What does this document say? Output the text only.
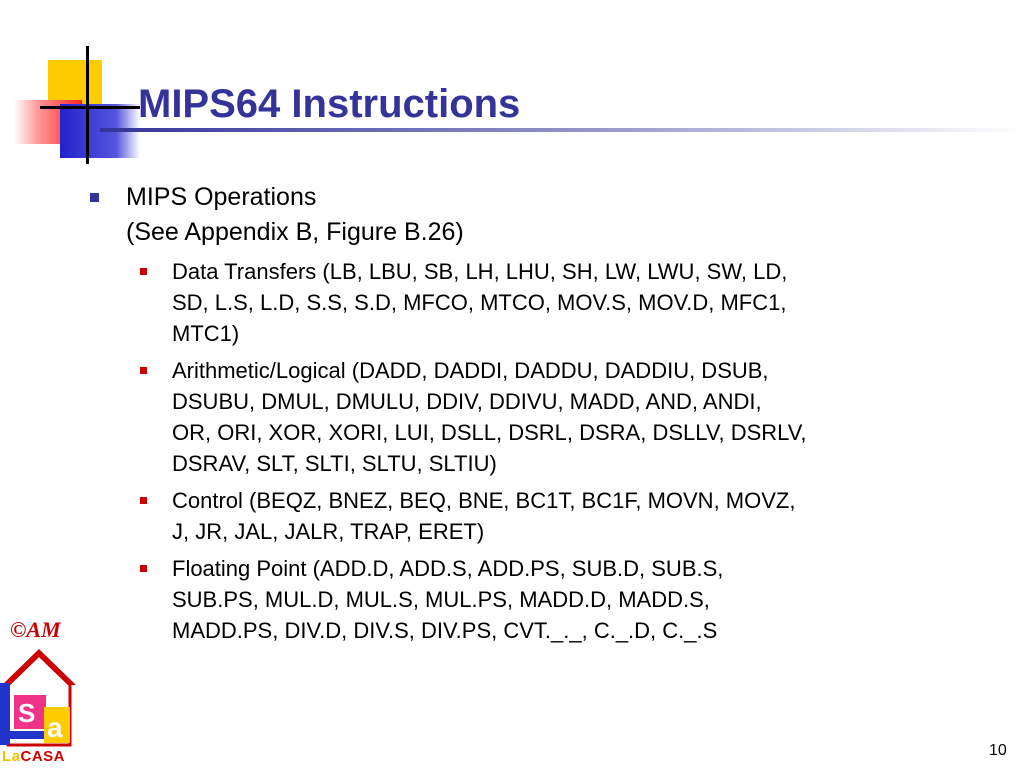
MIPS64 Instructions
MIPS Operations
(See Appendix B, Figure B.26)
Data Transfers (LB, LBU, SB, LH, LHU, SH, LW, LWU, SW, LD,
SD, L.S, L.D, S.S, S.D, MFCO, MTCO, MOV.S, MOV.D, MFC1,
MTC1)
Arithmetic/Logical (DADD, DADDI, DADDU, DADDIU, DSUB,
DSUBU, DMUL, DMULU, DDIV, DDIVU, MADD, AND, ANDI,
OR, ORI, XOR, XORI, LUI, DSLL, DSRL, DSRA, DSLLV, DSRLV,
DSRAV, SLT, SLTI, SLTU, SLTIU)
Control (BEQZ, BNEZ, BEQ, BNE, BC1T, BC1F, MOVN, MOVZ,
J, JR, JAL, JALR, TRAP, ERET)
Floating Point (ADD.D, ADD.S, ADD.PS, SUB.D, SUB.S,
SUB.PS, MUL.D, MUL.S, MUL.PS, MADD.D, MADD.S,
MADD.PS, DIV.D, DIV.S, DIV.PS, CVT._._, C._.D, C._.S
©AM
S a
LaCASA	10
